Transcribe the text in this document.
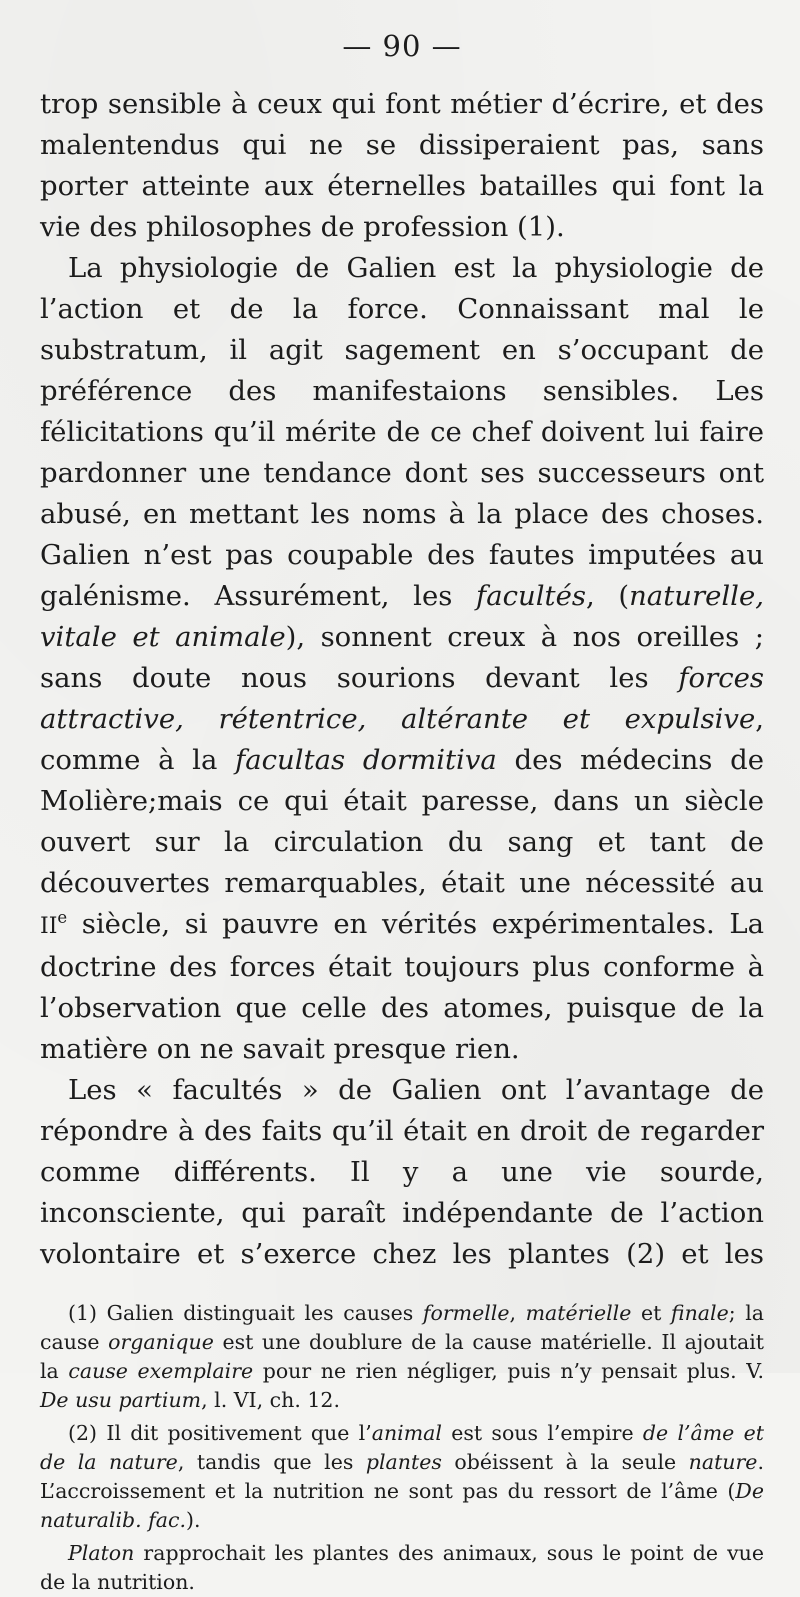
— 90 —

trop sensible à ceux qui font métier d’écrire, et des malentendus qui ne se dissiperaient pas, sans porter atteinte aux éternelles batailles qui font la vie des philosophes de profession (1).

La physiologie de Galien est la physiologie de l’action et de la force. Connaissant mal le substratum, il agit sagement en s’occupant de préférence des manifestaions sensibles. Les félicitations qu’il mérite de ce chef doivent lui faire pardonner une tendance dont ses successeurs ont abusé, en mettant les noms à la place des choses. Galien n’est pas coupable des fautes imputées au galénisme. Assurément, les facultés, (naturelle, vitale et animale), sonnent creux à nos oreilles ; sans doute nous sourions devant les forces attractive, rétentrice, altérante et expulsive, comme à la facultas dormitiva des médecins de Molière;mais ce qui était paresse, dans un siècle ouvert sur la circulation du sang et tant de découvertes remarquables, était une nécessité au IIe siècle, si pauvre en vérités expérimentales. La doctrine des forces était toujours plus conforme à l’observation que celle des atomes, puisque de la matière on ne savait presque rien.

Les « facultés » de Galien ont l’avantage de répondre à des faits qu’il était en droit de regarder comme différents. Il y a une vie sourde, inconsciente, qui paraît indépendante de l’action volontaire et s’exerce chez les plantes (2) et les

(1) Galien distinguait les causes formelle, matérielle et finale; la cause organique est une doublure de la cause matérielle. Il ajoutait la cause exemplaire pour ne rien négliger, puis n’y pensait plus. V. De usu partium, l. VI, ch. 12.

(2) Il dit positivement que l’animal est sous l’empire de l’âme et de la nature, tandis que les plantes obéissent à la seule nature. L’accroissement et la nutrition ne sont pas du ressort de l’âme (De naturalib. fac.).

Platon rapprochait les plantes des animaux, sous le point de vue de la nutrition.
